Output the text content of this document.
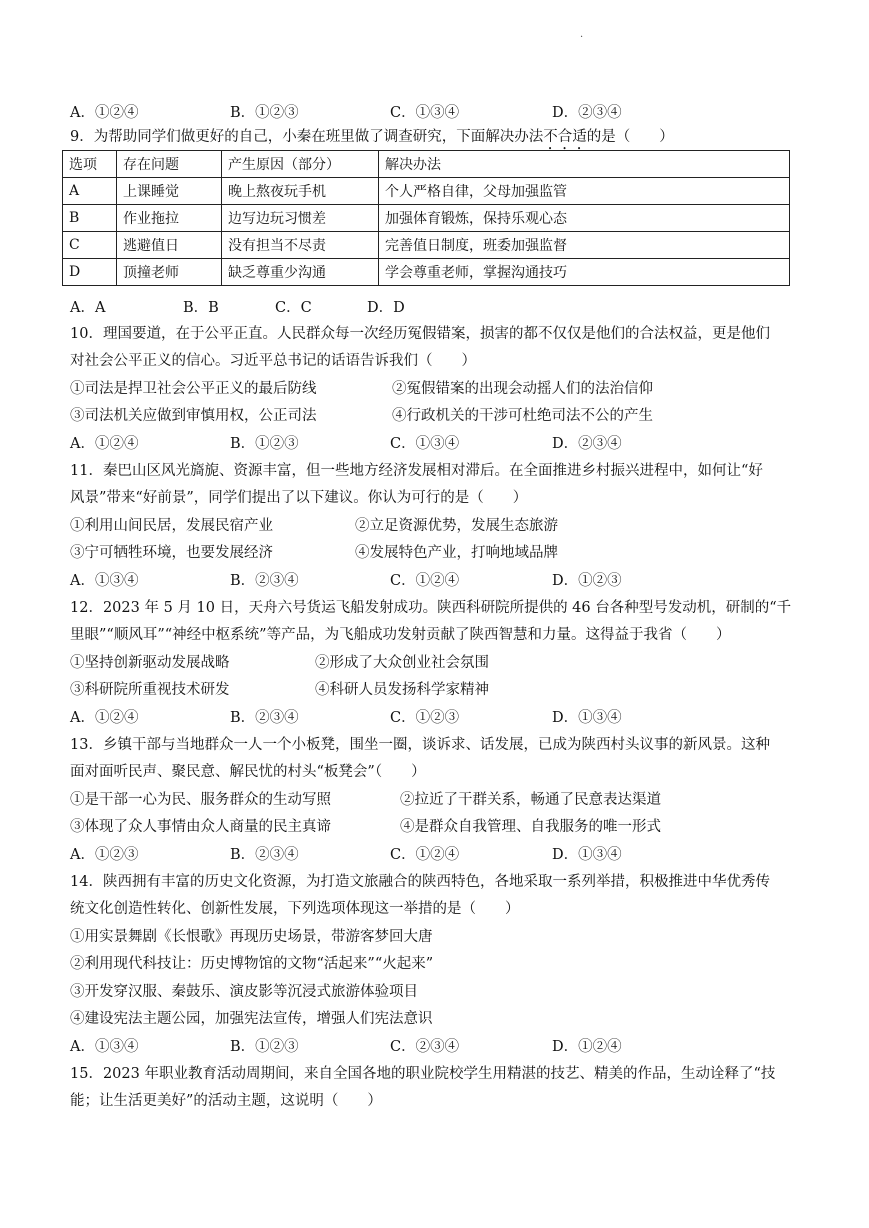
·
A．①②④	B．①②③	C．①③④	D．②③④
9．为帮助同学们做更好的自己，小秦在班里做了调查研究，下面解决办法不合适的是（　　）
选项	存在问题	产生原因（部分）	解决办法
A	上课睡觉	晚上熬夜玩手机	个人严格自律，父母加强监管
B	作业拖拉	边写边玩习惯差	加强体育锻炼，保持乐观心态
C	逃避值日	没有担当不尽责	完善值日制度，班委加强监督
D	顶撞老师	缺乏尊重少沟通	学会尊重老师，掌握沟通技巧
A．A	B．B	C．C	D．D
10．理国要道，在于公平正直。人民群众每一次经历冤假错案，损害的都不仅仅是他们的合法权益，更是他们
对社会公平正义的信心。习近平总书记的话语告诉我们（　　）
①司法是捍卫社会公平正义的最后防线	②冤假错案的出现会动摇人们的法治信仰
③司法机关应做到审慎用权，公正司法	④行政机关的干涉可杜绝司法不公的产生
A．①②④	B．①②③	C．①③④	D．②③④
11．秦巴山区风光旖旎、资源丰富，但一些地方经济发展相对滞后。在全面推进乡村振兴进程中，如何让“好
风景”带来“好前景”，同学们提出了以下建议。你认为可行的是（　　）
①利用山间民居，发展民宿产业	②立足资源优势，发展生态旅游
③宁可牺牲环境，也要发展经济	④发展特色产业，打响地域品牌
A．①③④	B．②③④	C．①②④	D．①②③
12．2023 年 5 月 10 日，天舟六号货运飞船发射成功。陕西科研院所提供的 46 台各种型号发动机，研制的“千
里眼”“顺风耳”“神经中枢系统”等产品，为飞船成功发射贡献了陕西智慧和力量。这得益于我省（　　）
①坚持创新驱动发展战略	②形成了大众创业社会氛围
③科研院所重视技术研发	④科研人员发扬科学家精神
A．①②④	B．②③④	C．①②③	D．①③④
13．乡镇干部与当地群众一人一个小板凳，围坐一圈，谈诉求、话发展，已成为陕西村头议事的新风景。这种
面对面听民声、聚民意、解民忧的村头“板凳会”（　　）
①是干部一心为民、服务群众的生动写照	②拉近了干群关系，畅通了民意表达渠道
③体现了众人事情由众人商量的民主真谛	④是群众自我管理、自我服务的唯一形式
A．①②③	B．②③④	C．①②④	D．①③④
14．陕西拥有丰富的历史文化资源，为打造文旅融合的陕西特色，各地采取一系列举措，积极推进中华优秀传
统文化创造性转化、创新性发展，下列选项体现这一举措的是（　　）
①用实景舞剧《长恨歌》再现历史场景，带游客梦回大唐
②利用现代科技让：历史博物馆的文物“活起来”“火起来”
③开发穿汉服、秦鼓乐、演皮影等沉浸式旅游体验项目
④建设宪法主题公园，加强宪法宣传，增强人们宪法意识
A．①③④	B．①②③	C．②③④	D．①②④
15．2023 年职业教育活动周期间，来自全国各地的职业院校学生用精湛的技艺、精美的作品，生动诠释了“技
能；让生活更美好”的活动主题，这说明（　　）
